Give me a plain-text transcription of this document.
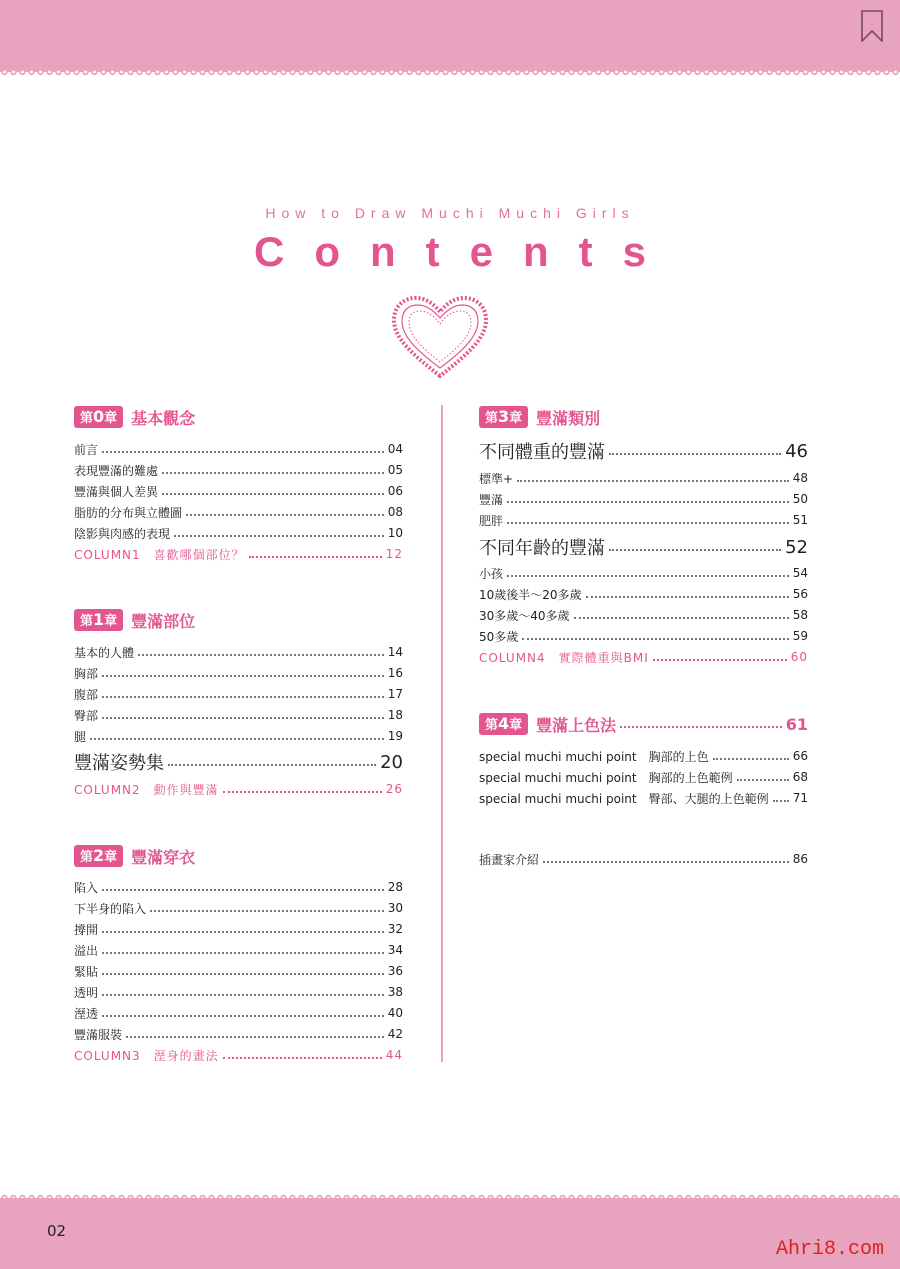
How to Draw Muchi Muchi Girls
Contents
第0章 基本觀念
前言	04
表現豐滿的難處	05
豐滿與個人差異	06
脂肪的分布與立體圖	08
陰影與肉感的表現	10
COLUMN1　喜歡哪個部位？	12
第1章 豐滿部位
基本的人體	14
胸部	16
腹部	17
臀部	18
腿	19
豐滿姿勢集	20
COLUMN2　動作與豐滿	26
第2章 豐滿穿衣
陷入	28
下半身的陷入	30
撐開	32
溢出	34
緊貼	36
透明	38
溼透	40
豐滿服裝	42
COLUMN3　溼身的畫法	44
第3章 豐滿類別
不同體重的豐滿	46
標準+	48
豐滿	50
肥胖	51
不同年齡的豐滿	52
小孩	54
10歲後半～20多歲	56
30多歲～40多歲	58
50多歲	59
COLUMN4　實際體重與BMI	60
第4章 豐滿上色法	61
special muchi muchi point　胸部的上色	66
special muchi muchi point　胸部的上色範例	68
special muchi muchi point　臀部、大腿的上色範例 71
插畫家介紹	86
02
Ahri8.com
